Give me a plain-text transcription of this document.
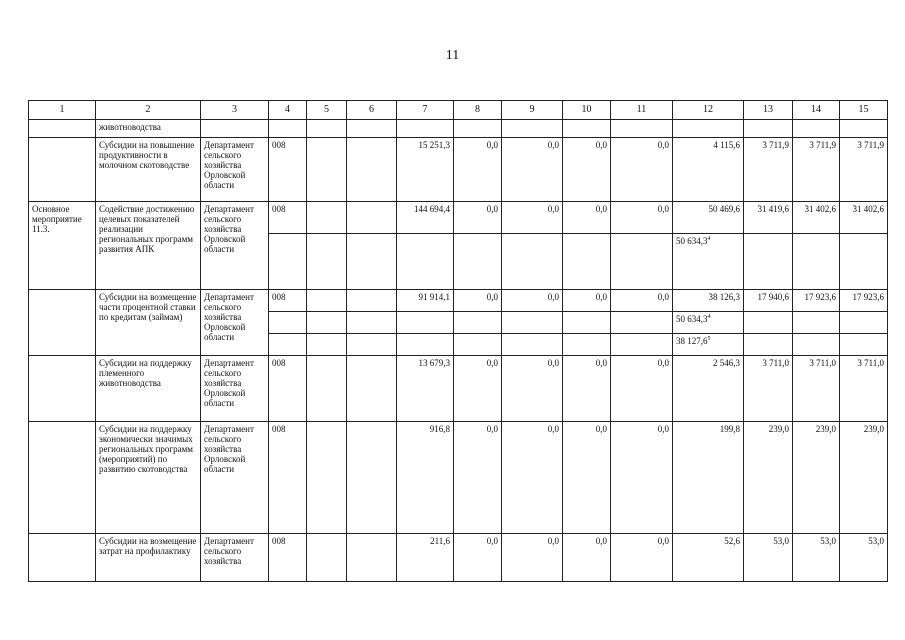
11
1	2	3	4	5	6	7	8	9	10	11	12	13	14	15
	животноводства													
	Субсидии на повышение продуктивности в молочном скотоводстве	Департамент сельского хозяйства Орловской области	008			15 251,3	0,0	0,0	0,0	0,0	4 115,6	3 711,9	3 711,9	3 711,9
Основное мероприятие 11.3.	Содействие достижению целевых показателей реализации региональных программ развития АПК	Департамент сельского хозяйства Орловской области	008			144 694,4	0,0	0,0	0,0	0,0	50 469,6	31 419,6	31 402,6	31 402,6
											50 634,3$^4$			
	Субсидии на возмещение части процентной ставки по кредитам (займам)	Департамент сельского хозяйства Орловской области	008			91 914,1	0,0	0,0	0,0	0,0	38 126,3	17 940,6	17 923,6	17 923,6
											50 634,3$^4$			
											38 127,6$^5$			
	Субсидии на поддержку племенного животноводства	Департамент сельского хозяйства Орловской области	008			13 679,3	0,0	0,0	0,0	0,0	2 546,3	3 711,0	3 711,0	3 711,0
	Субсидии на поддержку экономически значимых региональных программ (мероприятий) по развитию скотоводства	Департамент сельского хозяйства Орловской области	008			916,8	0,0	0,0	0,0	0,0	199,8	239,0	239,0	239,0
	Субсидии на возмещение затрат на профилактику	Департамент сельского хозяйства	008			211,6	0,0	0,0	0,0	0,0	52,6	53,0	53,0	53,0
